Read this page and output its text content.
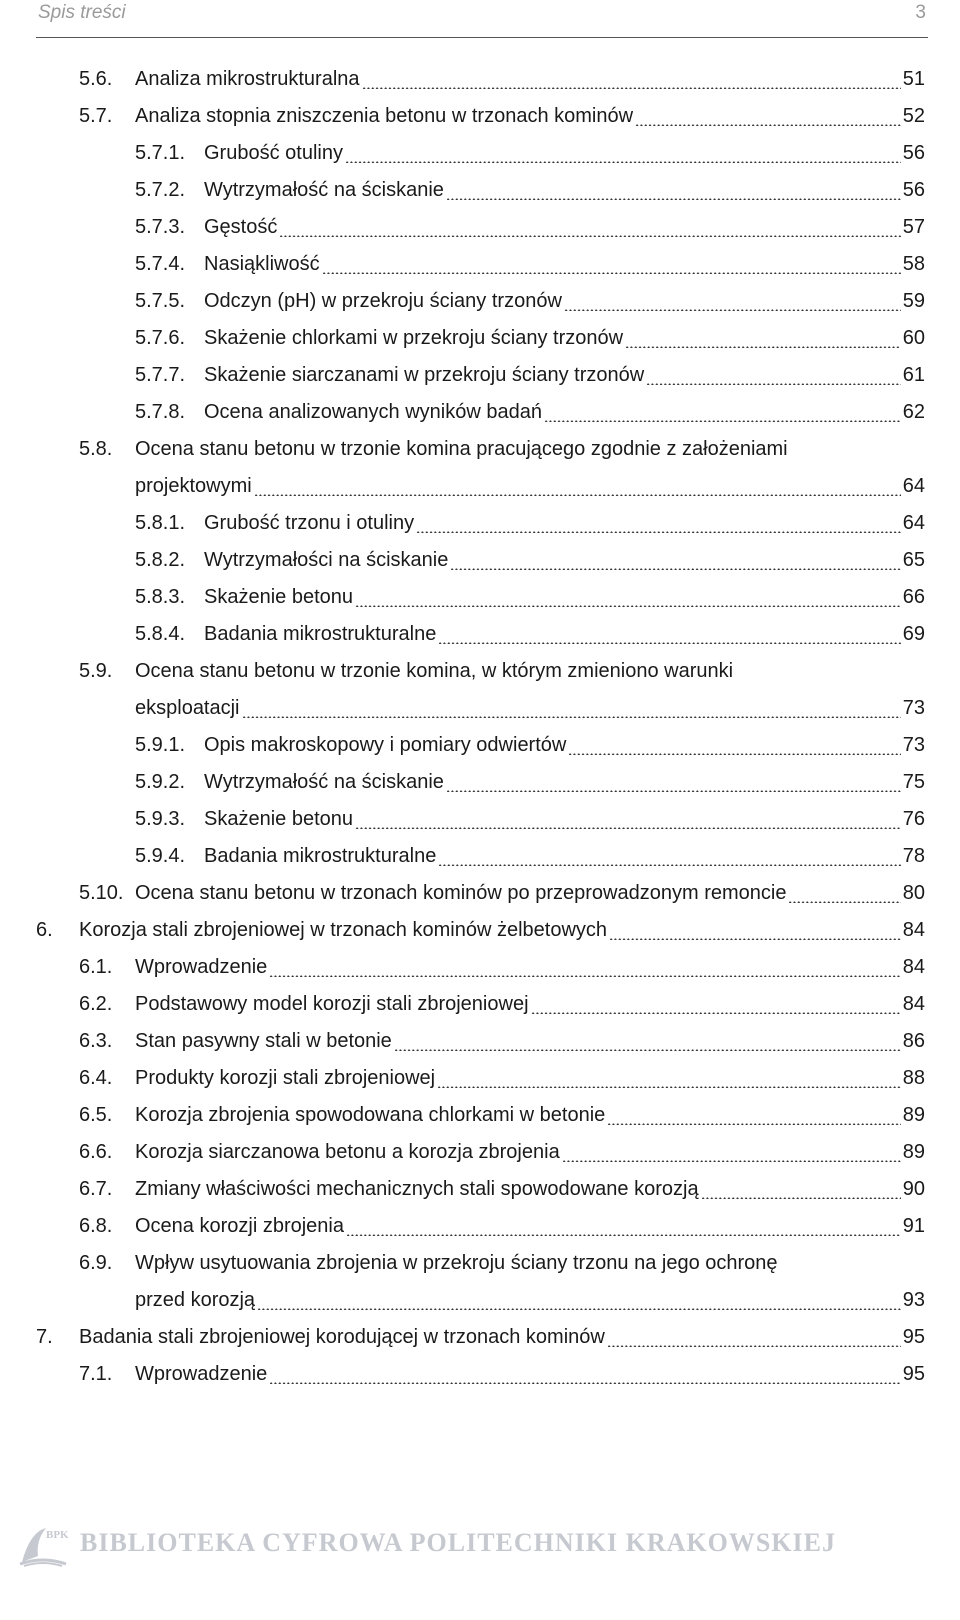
Spis treści	3
5.6. Analiza mikrostrukturalna	51
5.7. Analiza stopnia zniszczenia betonu w trzonach kominów	52
5.7.1. Grubość otuliny	56
5.7.2. Wytrzymałość na ściskanie	56
5.7.3. Gęstość	57
5.7.4. Nasiąkliwość	58
5.7.5. Odczyn (pH) w przekroju ściany trzonów	59
5.7.6. Skażenie chlorkami w przekroju ściany trzonów	60
5.7.7. Skażenie siarczanami w przekroju ściany trzonów	61
5.7.8. Ocena analizowanych wyników badań	62
5.8. Ocena stanu betonu w trzonie komina pracującego zgodnie z założeniami
projektowymi	64
5.8.1. Grubość trzonu i otuliny	64
5.8.2. Wytrzymałości na ściskanie	65
5.8.3. Skażenie betonu	66
5.8.4. Badania mikrostrukturalne	69
5.9. Ocena stanu betonu w trzonie komina, w którym zmieniono warunki
eksploatacji	73
5.9.1. Opis makroskopowy i pomiary odwiertów	73
5.9.2. Wytrzymałość na ściskanie	75
5.9.3. Skażenie betonu	76
5.9.4. Badania mikrostrukturalne	78
5.10. Ocena stanu betonu w trzonach kominów po przeprowadzonym remoncie	80
6. Korozja stali zbrojeniowej w trzonach kominów żelbetowych	84
6.1. Wprowadzenie	84
6.2. Podstawowy model korozji stali zbrojeniowej	84
6.3. Stan pasywny stali w betonie	86
6.4. Produkty korozji stali zbrojeniowej	88
6.5. Korozja zbrojenia spowodowana chlorkami w betonie	89
6.6. Korozja siarczanowa betonu a korozja zbrojenia	89
6.7. Zmiany właściwości mechanicznych stali spowodowane korozją	90
6.8. Ocena korozji zbrojenia	91
6.9. Wpływ usytuowania zbrojenia w przekroju ściany trzonu na jego ochronę
przed korozją	93
7. Badania stali zbrojeniowej korodującej w trzonach kominów	95
7.1. Wprowadzenie	95
BPK BIBLIOTEKA CYFROWA POLITECHNIKI KRAKOWSKIEJ
